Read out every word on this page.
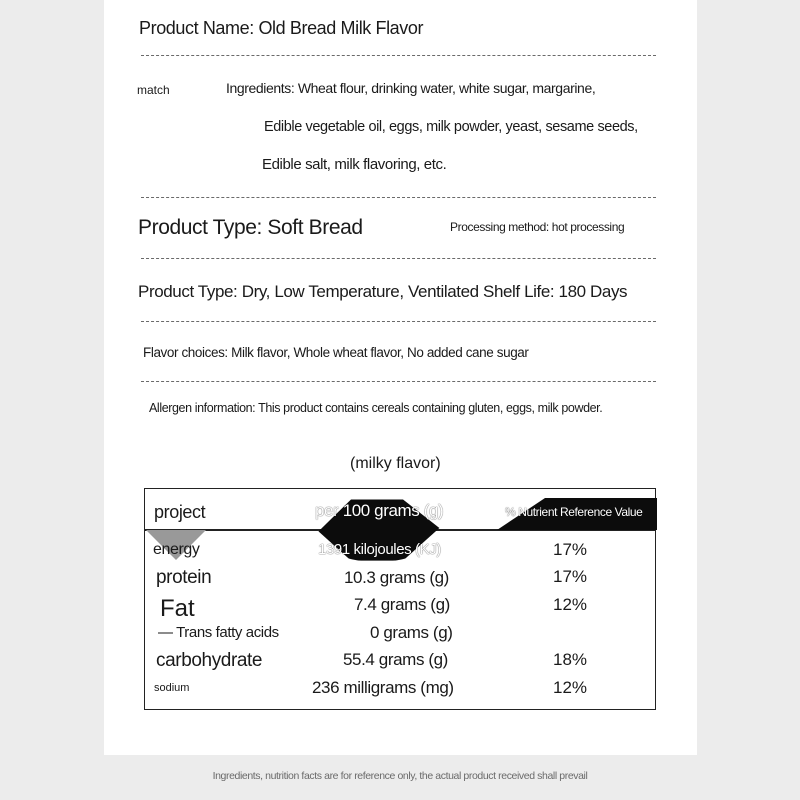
Product Name: Old Bread Milk Flavor
match	Ingredients: Wheat flour, drinking water, white sugar, margarine,
Edible vegetable oil, eggs, milk powder, yeast, sesame seeds,
Edible salt, milk flavoring, etc.
Product Type: Soft Bread	Processing method: hot processing
Product Type: Dry, Low Temperature, Ventilated Shelf Life: 180 Days
Flavor choices: Milk flavor, Whole wheat flavor, No added cane sugar
Allergen information: This product contains cereals containing gluten, eggs, milk powder.
(milky flavor)
project	per 100 grams (g)	% Nutrient Reference Value
energy	1391 kilojoules (KJ)	17%
protein	10.3 grams (g)	17%
Fat	7.4 grams (g)	12%
— Trans fatty acids	0 grams (g)
carbohydrate	55.4 grams (g)	18%
sodium	236 milligrams (mg)	12%
Ingredients, nutrition facts are for reference only, the actual product received shall prevail
